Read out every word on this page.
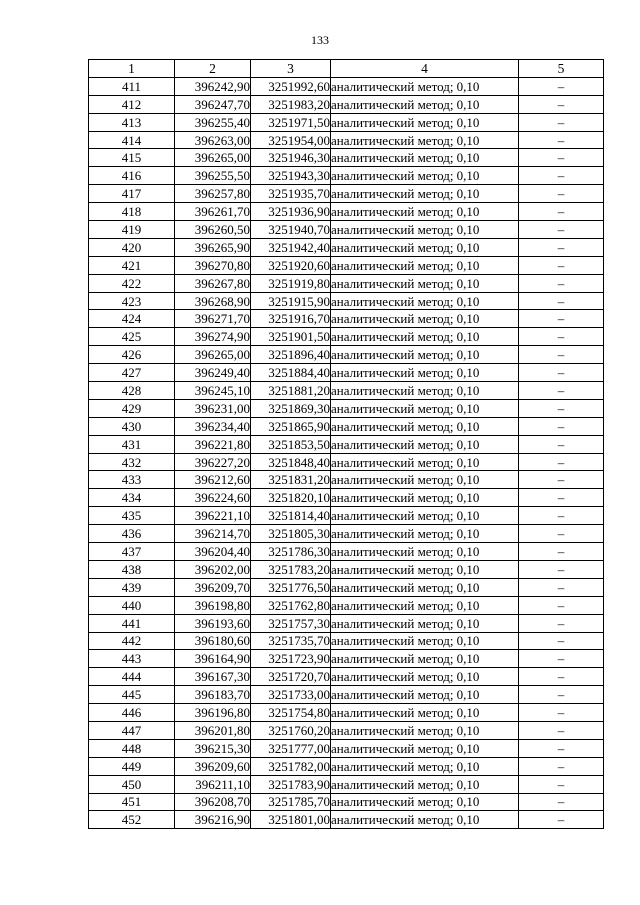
133
1	2	3	4	5
411	396242,90	3251992,60	аналитический метод; 0,10	–
412	396247,70	3251983,20	аналитический метод; 0,10	–
413	396255,40	3251971,50	аналитический метод; 0,10	–
414	396263,00	3251954,00	аналитический метод; 0,10	–
415	396265,00	3251946,30	аналитический метод; 0,10	–
416	396255,50	3251943,30	аналитический метод; 0,10	–
417	396257,80	3251935,70	аналитический метод; 0,10	–
418	396261,70	3251936,90	аналитический метод; 0,10	–
419	396260,50	3251940,70	аналитический метод; 0,10	–
420	396265,90	3251942,40	аналитический метод; 0,10	–
421	396270,80	3251920,60	аналитический метод; 0,10	–
422	396267,80	3251919,80	аналитический метод; 0,10	–
423	396268,90	3251915,90	аналитический метод; 0,10	–
424	396271,70	3251916,70	аналитический метод; 0,10	–
425	396274,90	3251901,50	аналитический метод; 0,10	–
426	396265,00	3251896,40	аналитический метод; 0,10	–
427	396249,40	3251884,40	аналитический метод; 0,10	–
428	396245,10	3251881,20	аналитический метод; 0,10	–
429	396231,00	3251869,30	аналитический метод; 0,10	–
430	396234,40	3251865,90	аналитический метод; 0,10	–
431	396221,80	3251853,50	аналитический метод; 0,10	–
432	396227,20	3251848,40	аналитический метод; 0,10	–
433	396212,60	3251831,20	аналитический метод; 0,10	–
434	396224,60	3251820,10	аналитический метод; 0,10	–
435	396221,10	3251814,40	аналитический метод; 0,10	–
436	396214,70	3251805,30	аналитический метод; 0,10	–
437	396204,40	3251786,30	аналитический метод; 0,10	–
438	396202,00	3251783,20	аналитический метод; 0,10	–
439	396209,70	3251776,50	аналитический метод; 0,10	–
440	396198,80	3251762,80	аналитический метод; 0,10	–
441	396193,60	3251757,30	аналитический метод; 0,10	–
442	396180,60	3251735,70	аналитический метод; 0,10	–
443	396164,90	3251723,90	аналитический метод; 0,10	–
444	396167,30	3251720,70	аналитический метод; 0,10	–
445	396183,70	3251733,00	аналитический метод; 0,10	–
446	396196,80	3251754,80	аналитический метод; 0,10	–
447	396201,80	3251760,20	аналитический метод; 0,10	–
448	396215,30	3251777,00	аналитический метод; 0,10	–
449	396209,60	3251782,00	аналитический метод; 0,10	–
450	396211,10	3251783,90	аналитический метод; 0,10	–
451	396208,70	3251785,70	аналитический метод; 0,10	–
452	396216,90	3251801,00	аналитический метод; 0,10	–
